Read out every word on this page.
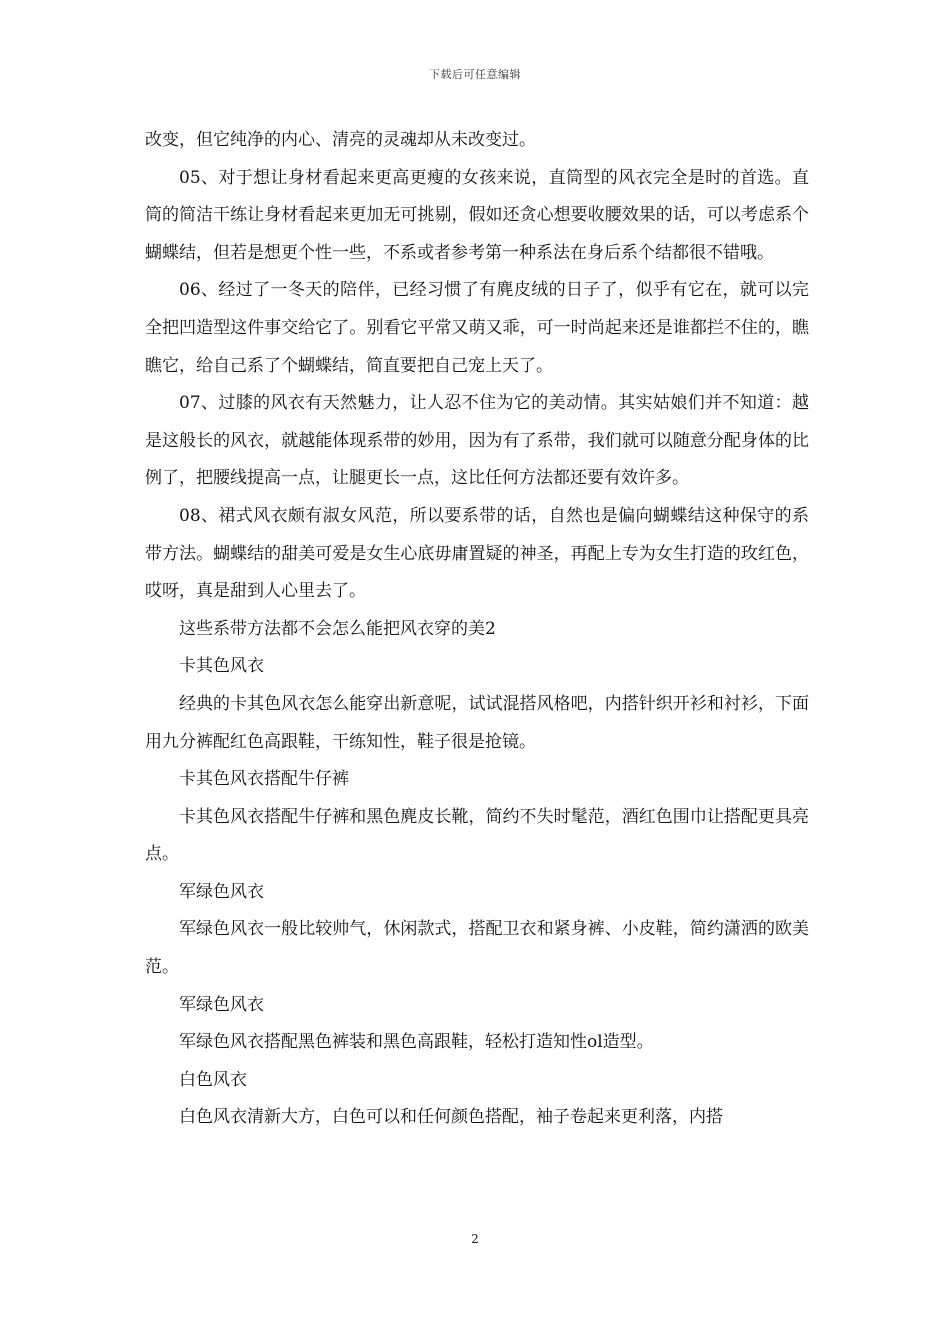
下载后可任意编辑

改变，但它纯净的内心、清亮的灵魂却从未改变过。

05、对于想让身材看起来更高更瘦的女孩来说，直筒型的风衣完全是时的首选。直筒的简洁干练让身材看起来更加无可挑剔，假如还贪心想要收腰效果的话，可以考虑系个蝴蝶结，但若是想更个性一些，不系或者参考第一种系法在身后系个结都很不错哦。

06、经过了一冬天的陪伴，已经习惯了有麂皮绒的日子了，似乎有它在，就可以完全把凹造型这件事交给它了。别看它平常又萌又乖，可一时尚起来还是谁都拦不住的，瞧瞧它，给自己系了个蝴蝶结，简直要把自己宠上天了。

07、过膝的风衣有天然魅力，让人忍不住为它的美动情。其实姑娘们并不知道：越是这般长的风衣，就越能体现系带的妙用，因为有了系带，我们就可以随意分配身体的比例了，把腰线提高一点，让腿更长一点，这比任何方法都还要有效许多。

08、裙式风衣颇有淑女风范，所以要系带的话，自然也是偏向蝴蝶结这种保守的系带方法。蝴蝶结的甜美可爱是女生心底毋庸置疑的神圣，再配上专为女生打造的玫红色，哎呀，真是甜到人心里去了。

这些系带方法都不会怎么能把风衣穿的美2

卡其色风衣

经典的卡其色风衣怎么能穿出新意呢，试试混搭风格吧，内搭针织开衫和衬衫，下面用九分裤配红色高跟鞋，干练知性，鞋子很是抢镜。

卡其色风衣搭配牛仔裤

卡其色风衣搭配牛仔裤和黑色麂皮长靴，简约不失时髦范，酒红色围巾让搭配更具亮点。

军绿色风衣

军绿色风衣一般比较帅气，休闲款式，搭配卫衣和紧身裤、小皮鞋，简约潇洒的欧美范。

军绿色风衣

军绿色风衣搭配黑色裤装和黑色高跟鞋，轻松打造知性ol造型。

白色风衣

白色风衣清新大方，白色可以和任何颜色搭配，袖子卷起来更利落，内搭

2
